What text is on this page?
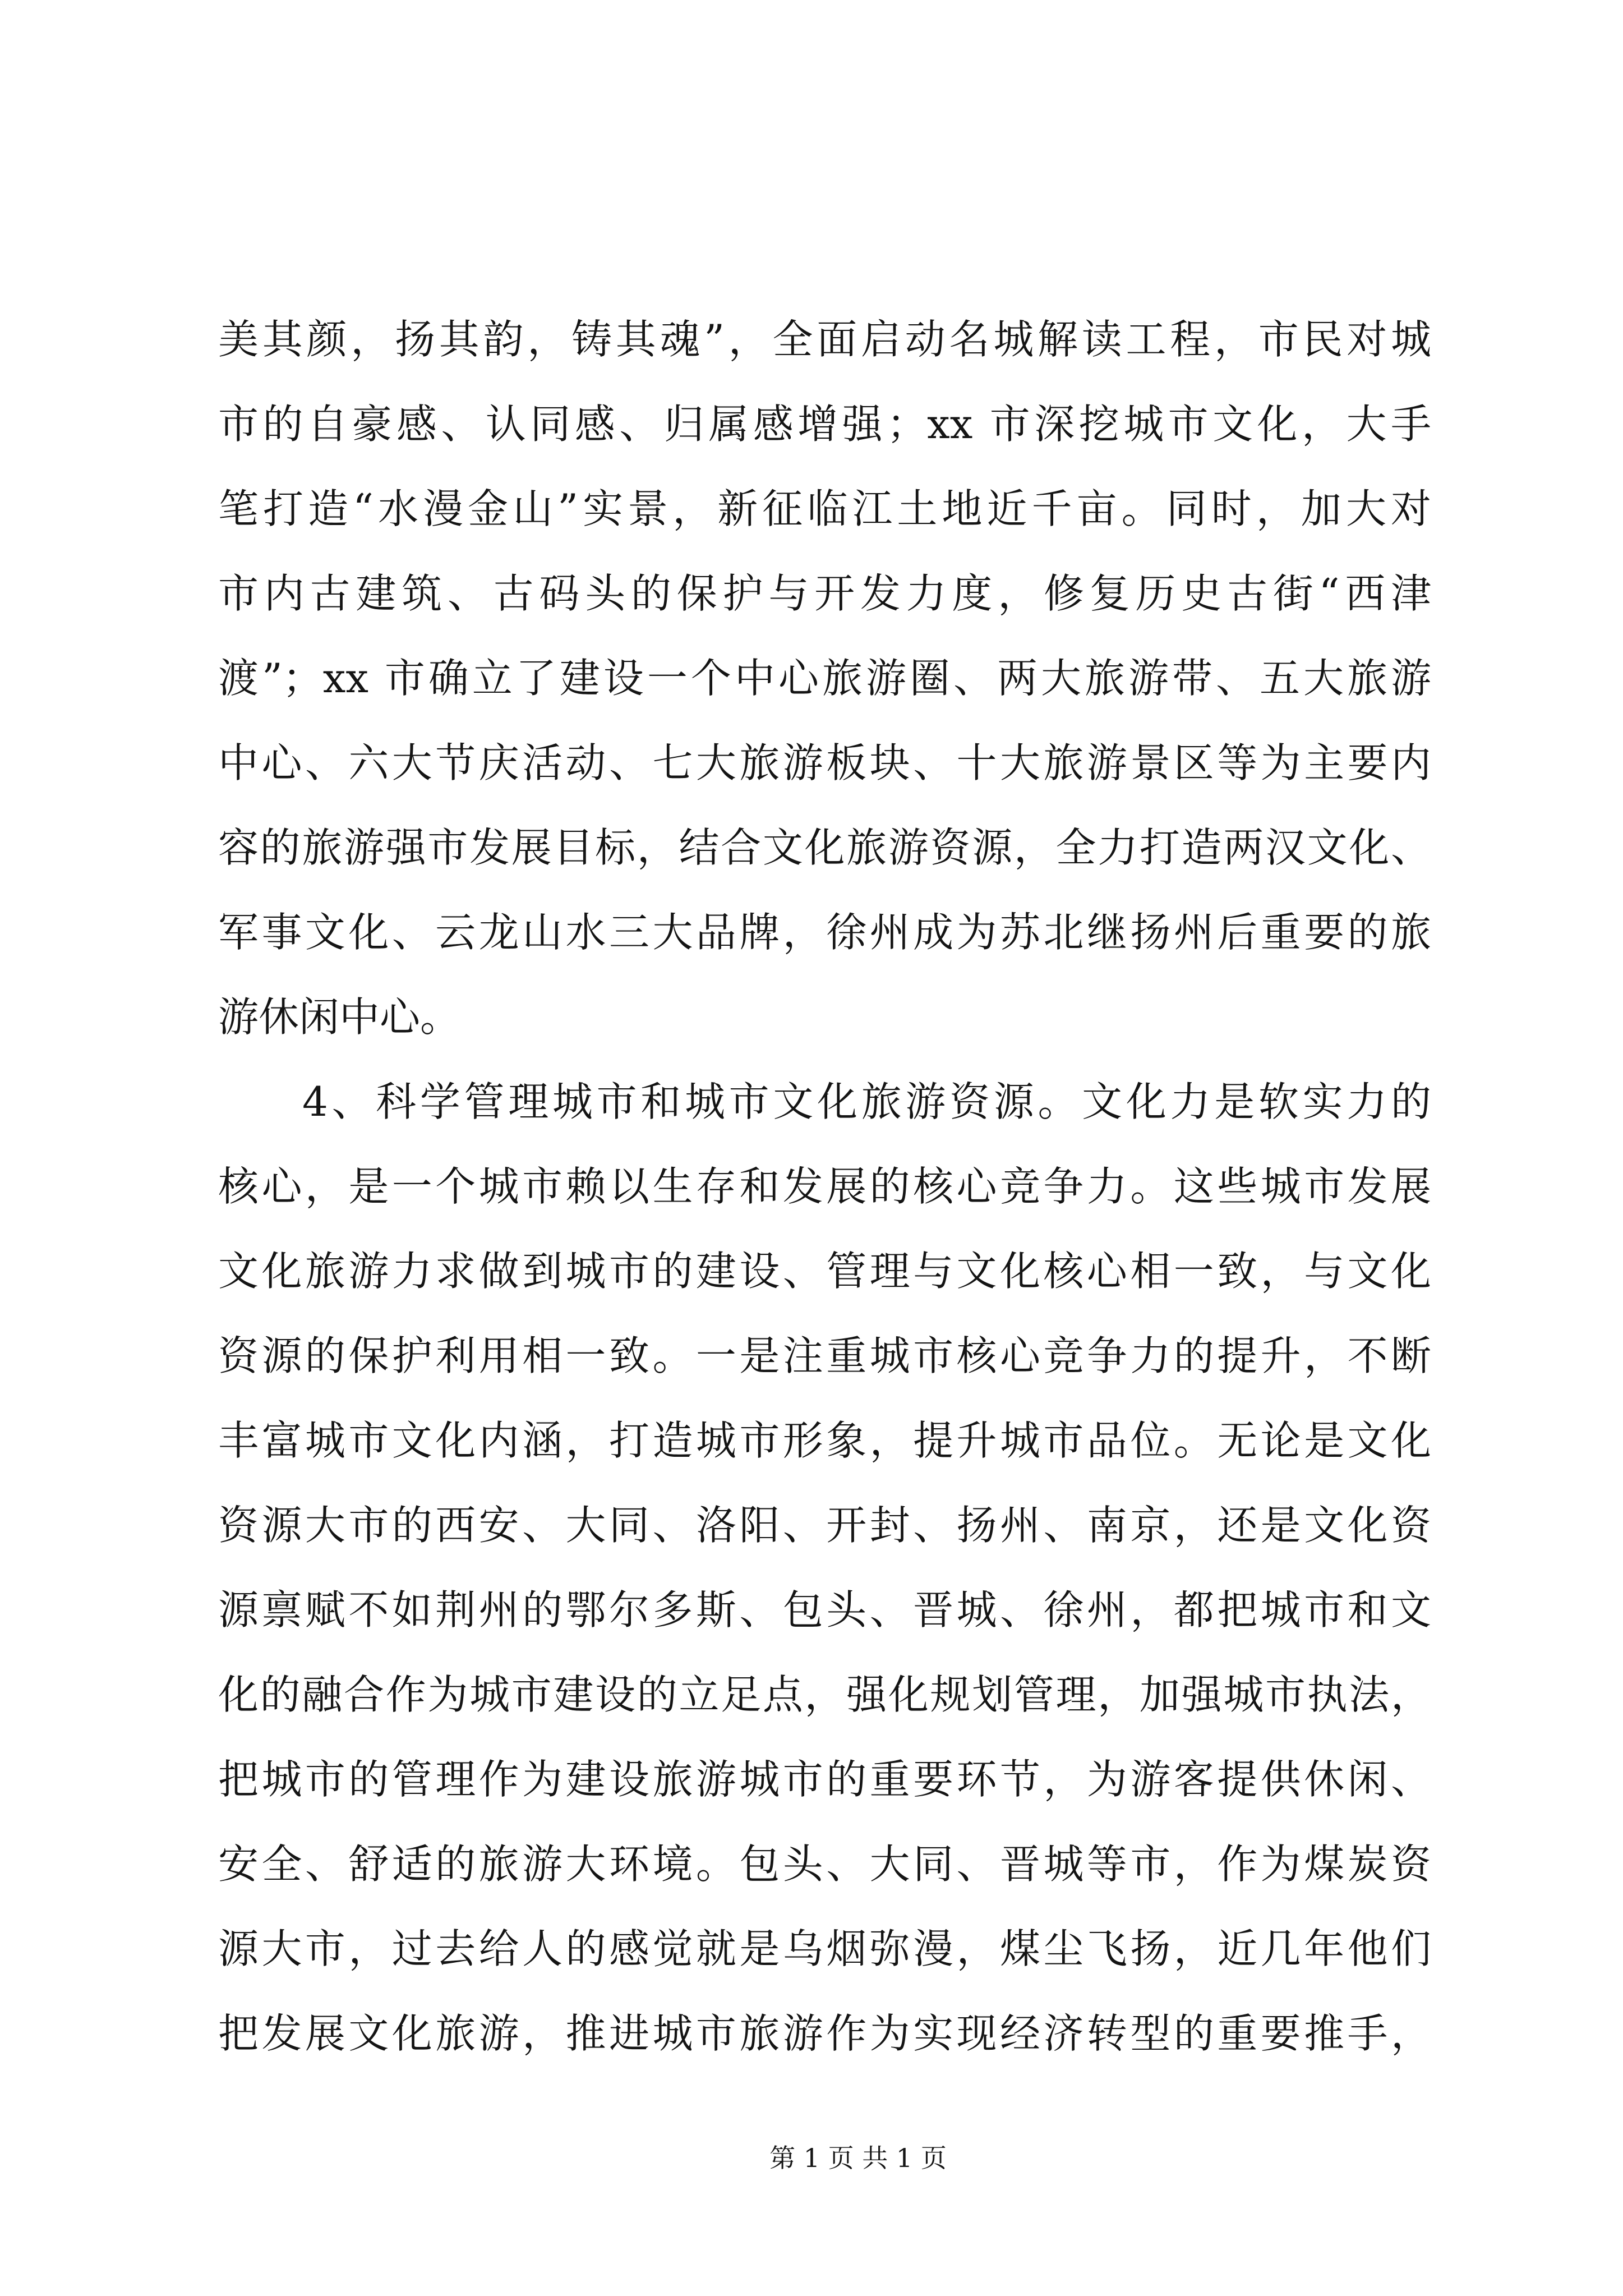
美其颜，扬其韵，铸其魂”，全面启动名城解读工程，市民对城
市的自豪感、认同感、归属感增强；xx 市深挖城市文化，大手
笔打造“水漫金山”实景，新征临江土地近千亩。同时，加大对
市内古建筑、古码头的保护与开发力度，修复历史古街“西津
渡”；xx 市确立了建设一个中心旅游圈、两大旅游带、五大旅游
中心、六大节庆活动、七大旅游板块、十大旅游景区等为主要内
容的旅游强市发展目标，结合文化旅游资源，全力打造两汉文化、
军事文化、云龙山水三大品牌，徐州成为苏北继扬州后重要的旅
游休闲中心。
4、科学管理城市和城市文化旅游资源。文化力是软实力的
核心，是一个城市赖以生存和发展的核心竞争力。这些城市发展
文化旅游力求做到城市的建设、管理与文化核心相一致，与文化
资源的保护利用相一致。一是注重城市核心竞争力的提升，不断
丰富城市文化内涵，打造城市形象，提升城市品位。无论是文化
资源大市的西安、大同、洛阳、开封、扬州、南京，还是文化资
源禀赋不如荆州的鄂尔多斯、包头、晋城、徐州，都把城市和文
化的融合作为城市建设的立足点，强化规划管理，加强城市执法，
把城市的管理作为建设旅游城市的重要环节，为游客提供休闲、
安全、舒适的旅游大环境。包头、大同、晋城等市，作为煤炭资
源大市，过去给人的感觉就是乌烟弥漫，煤尘飞扬，近几年他们
把发展文化旅游，推进城市旅游作为实现经济转型的重要推手，
第 1 页 共 1 页
